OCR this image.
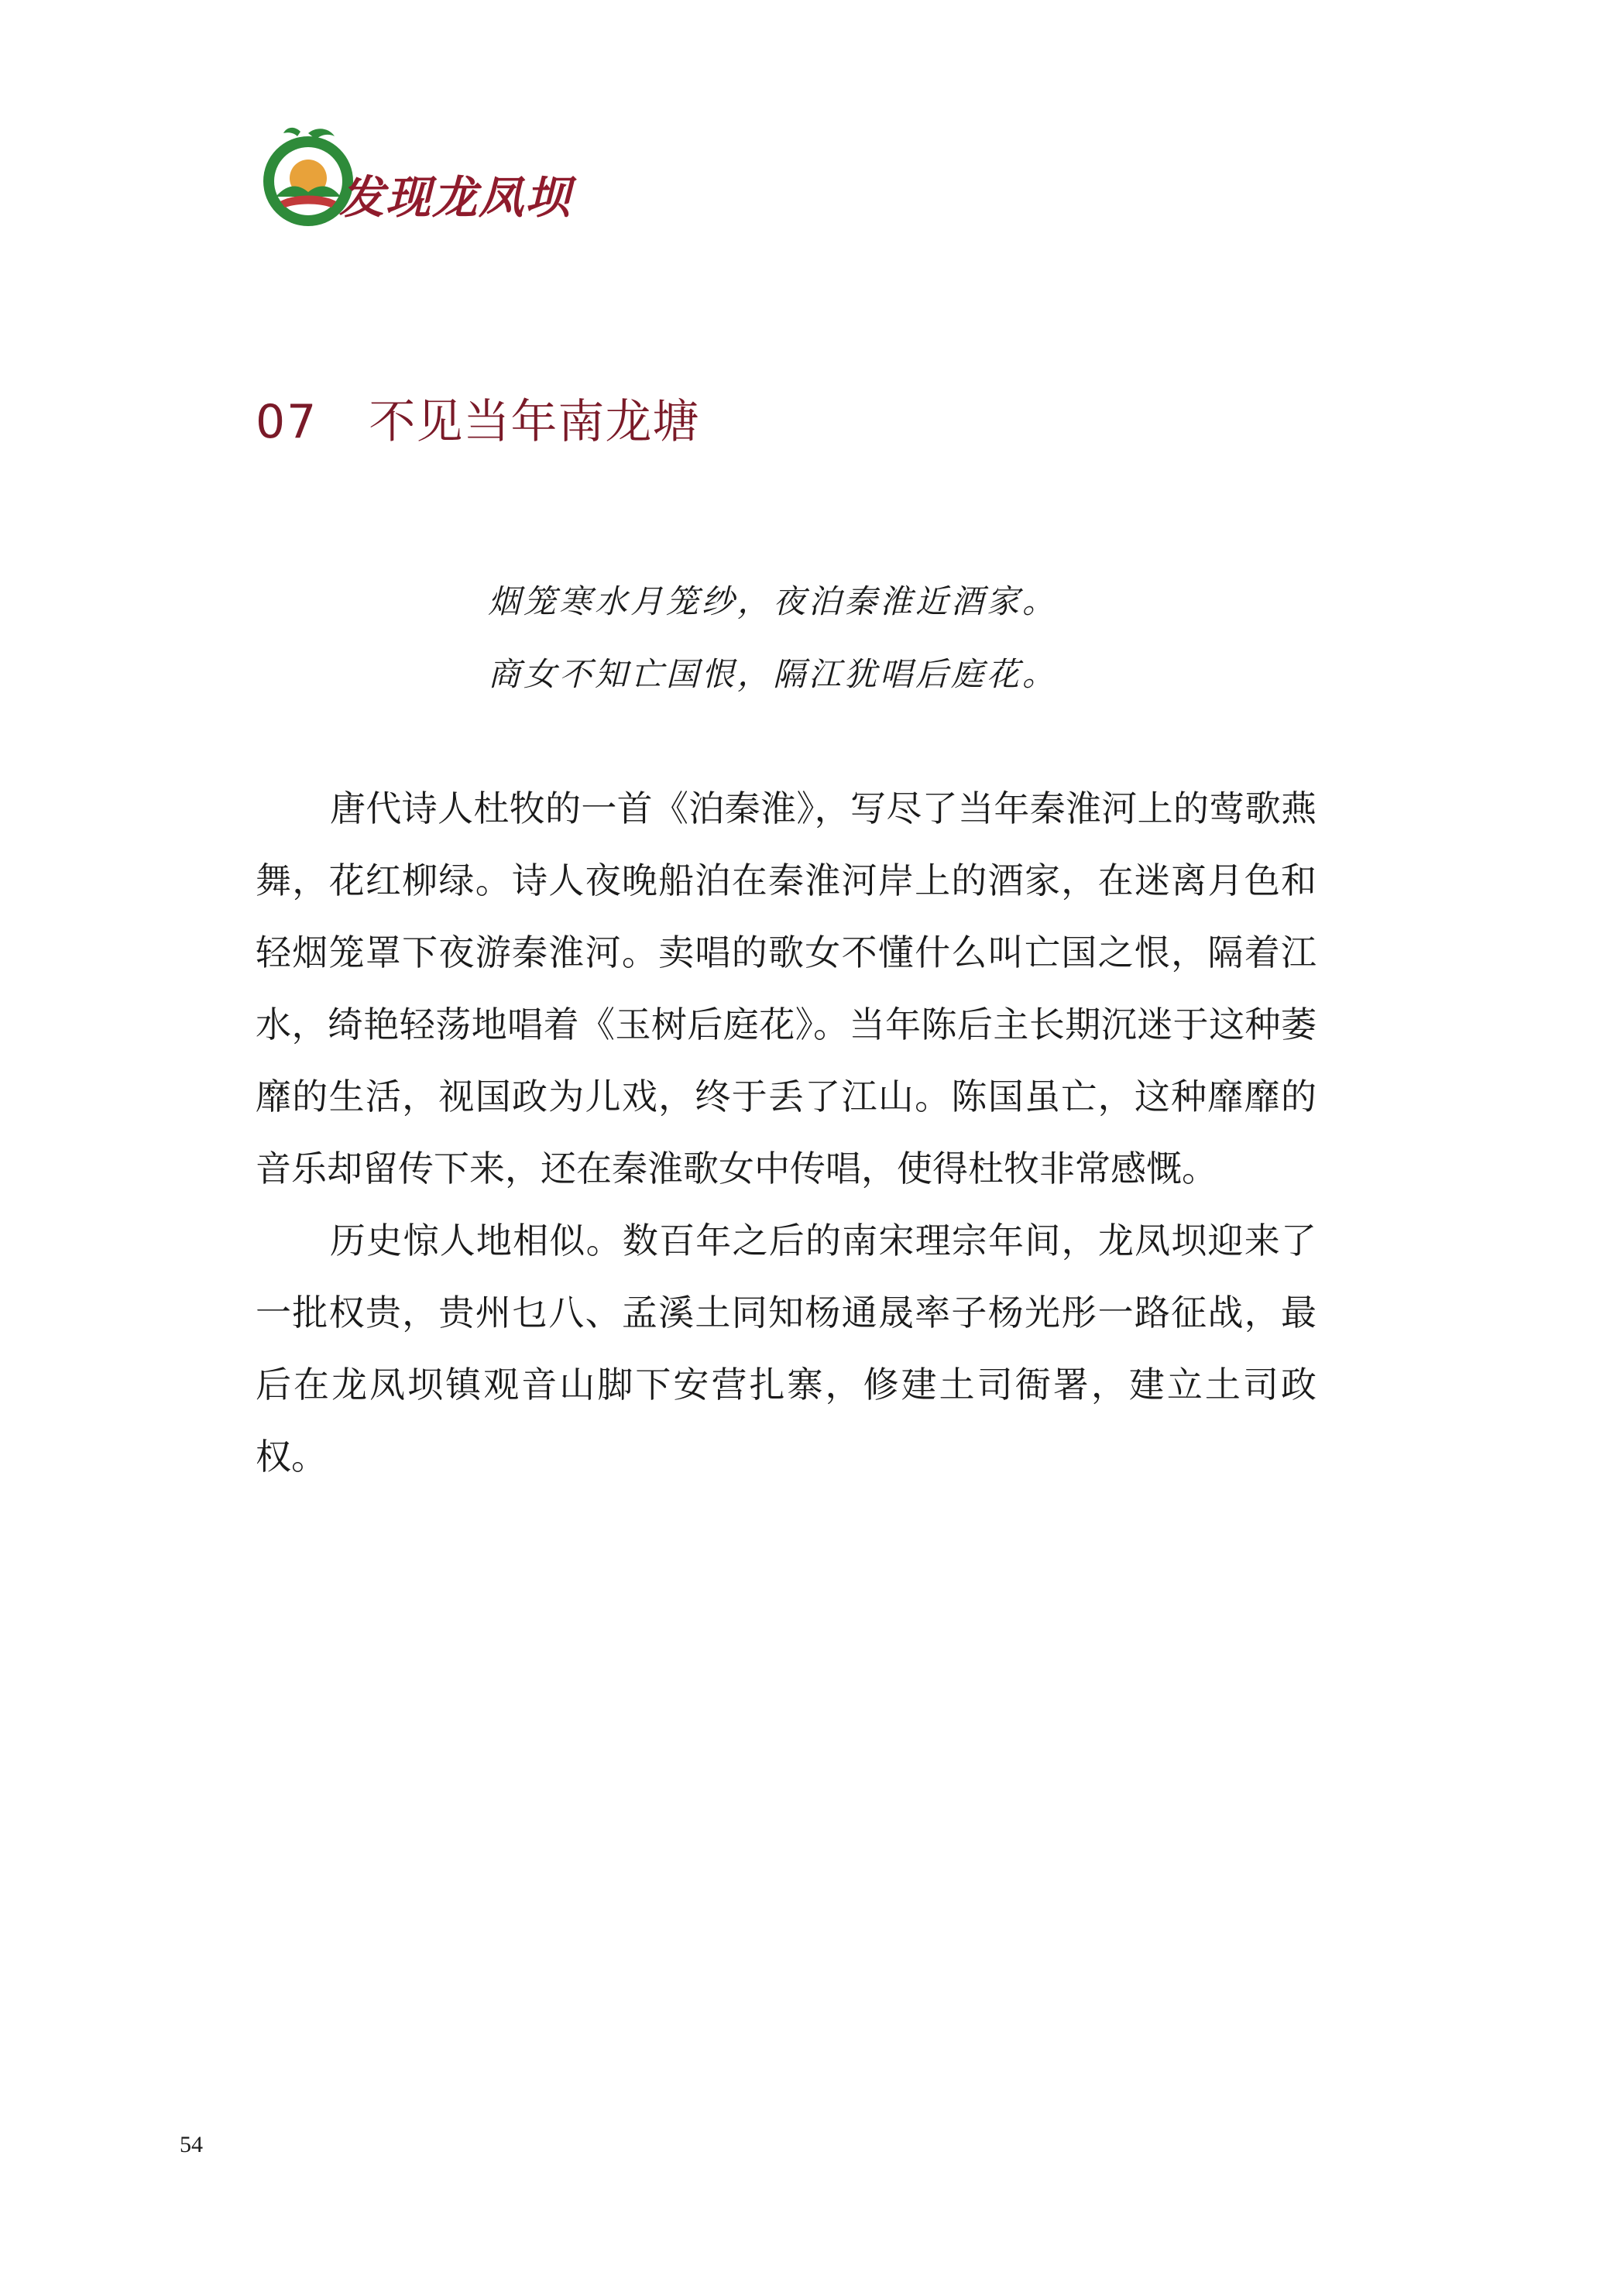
发现龙凤坝
07 不见当年南龙塘
烟笼寒水月笼纱，夜泊秦淮近酒家。
商女不知亡国恨，隔江犹唱后庭花。

唐代诗人杜牧的一首《泊秦淮》，写尽了当年秦淮河上的莺歌燕舞，花红柳绿。诗人夜晚船泊在秦淮河岸上的酒家，在迷离月色和轻烟笼罩下夜游秦淮河。卖唱的歌女不懂什么叫亡国之恨，隔着江水，绮艳轻荡地唱着《玉树后庭花》。当年陈后主长期沉迷于这种萎靡的生活，视国政为儿戏，终于丢了江山。陈国虽亡，这种靡靡的音乐却留传下来，还在秦淮歌女中传唱，使得杜牧非常感慨。

历史惊人地相似。数百年之后的南宋理宗年间，龙凤坝迎来了一批权贵，贵州乜八、孟溪土同知杨通晟率子杨光彤一路征战，最后在龙凤坝镇观音山脚下安营扎寨，修建土司衙署，建立土司政权。

54
